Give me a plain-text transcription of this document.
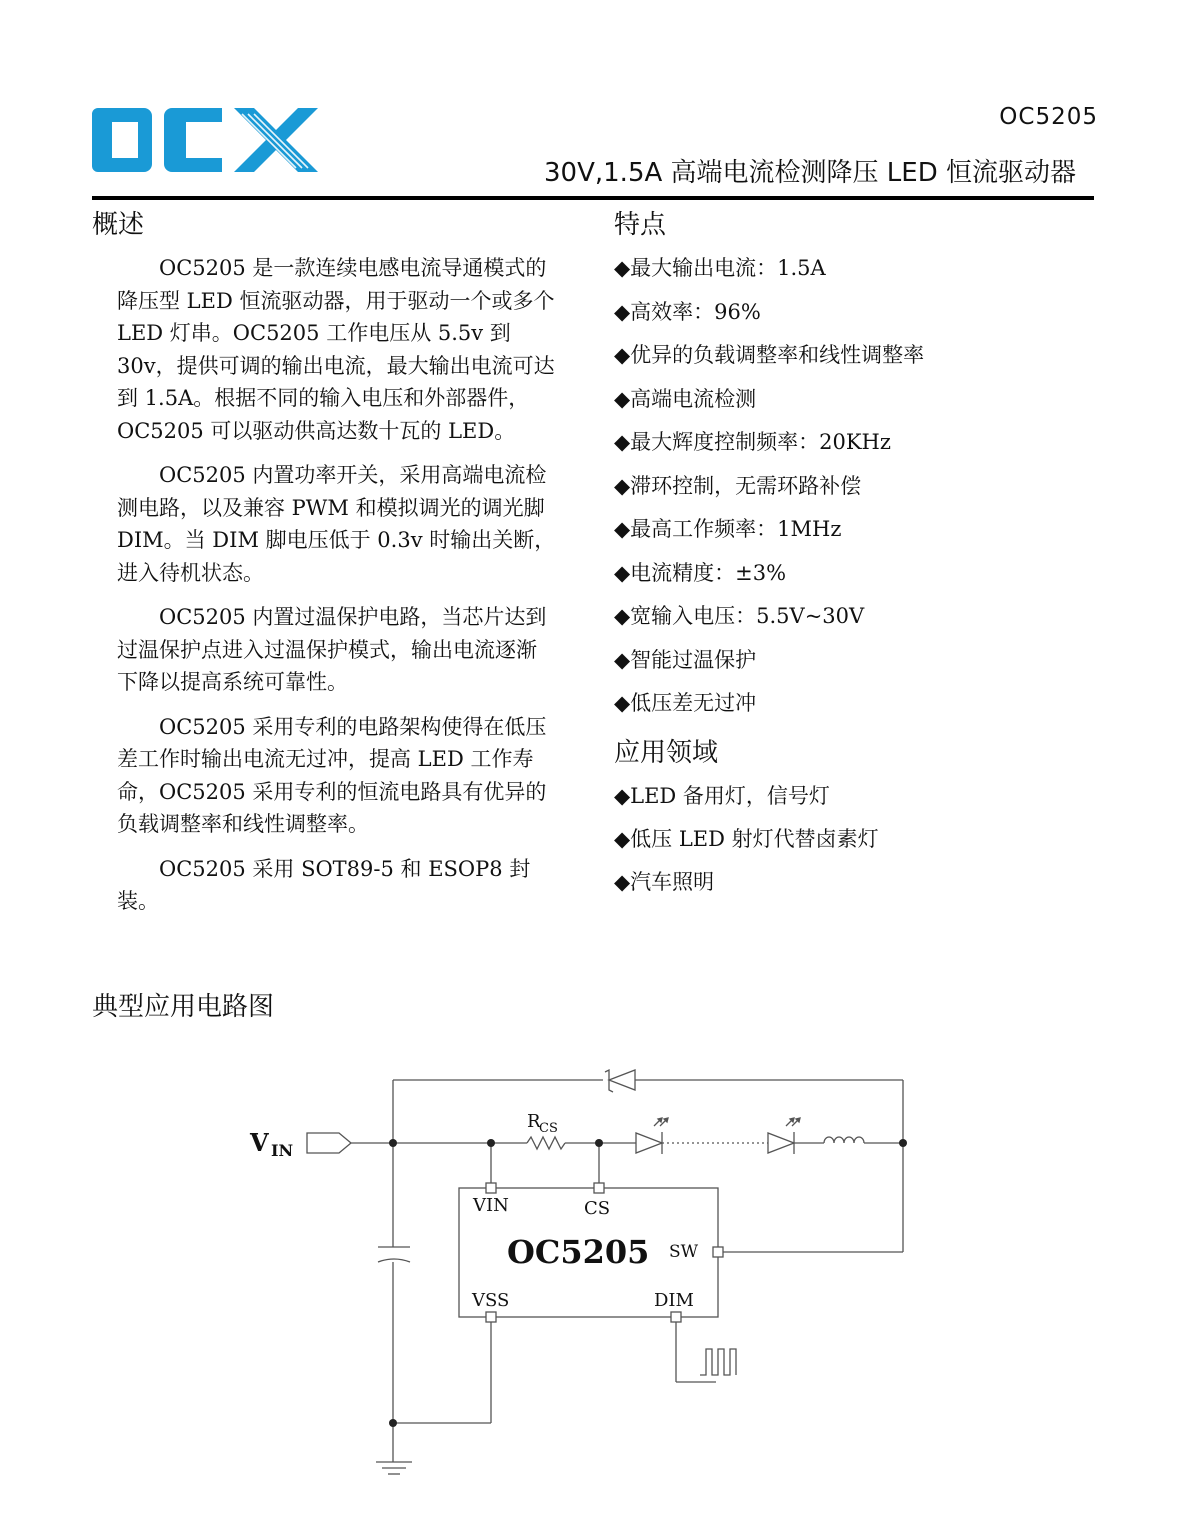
OC5205
30V,1.5A 高端电流检测降压 LED 恒流驱动器
概述

OC5205 是一款连续电感电流导通模式的降压型 LED 恒流驱动器，用于驱动一个或多个 LED 灯串。OC5205 工作电压从 5.5v 到 30v，提供可调的输出电流，最大输出电流可达到 1.5A。根据不同的输入电压和外部器件，OC5205 可以驱动供高达数十瓦的 LED。

OC5205 内置功率开关，采用高端电流检测电路，以及兼容 PWM 和模拟调光的调光脚 DIM。当 DIM 脚电压低于 0.3v 时输出关断，进入待机状态。

OC5205 内置过温保护电路，当芯片达到过温保护点进入过温保护模式，输出电流逐渐下降以提高系统可靠性。

OC5205 采用专利的电路架构使得在低压差工作时输出电流无过冲，提高 LED 工作寿命，OC5205 采用专利的恒流电路具有优异的负载调整率和线性调整率。

OC5205 采用 SOT89-5 和 ESOP8 封装。

特点
◆最大输出电流：1.5A
◆高效率：96%
◆优异的负载调整率和线性调整率
◆高端电流检测
◆最大辉度控制频率：20KHz
◆滞环控制，无需环路补偿
◆最高工作频率：1MHz
◆电流精度：±3%
◆宽输入电压：5.5V~30V
◆智能过温保护
◆低压差无过冲
应用领域
◆LED 备用灯，信号灯
◆低压 LED 射灯代替卤素灯
◆汽车照明
典型应用电路图
V IN
R
CS
VIN	CS
OC5205 SW
VSS	DIM
